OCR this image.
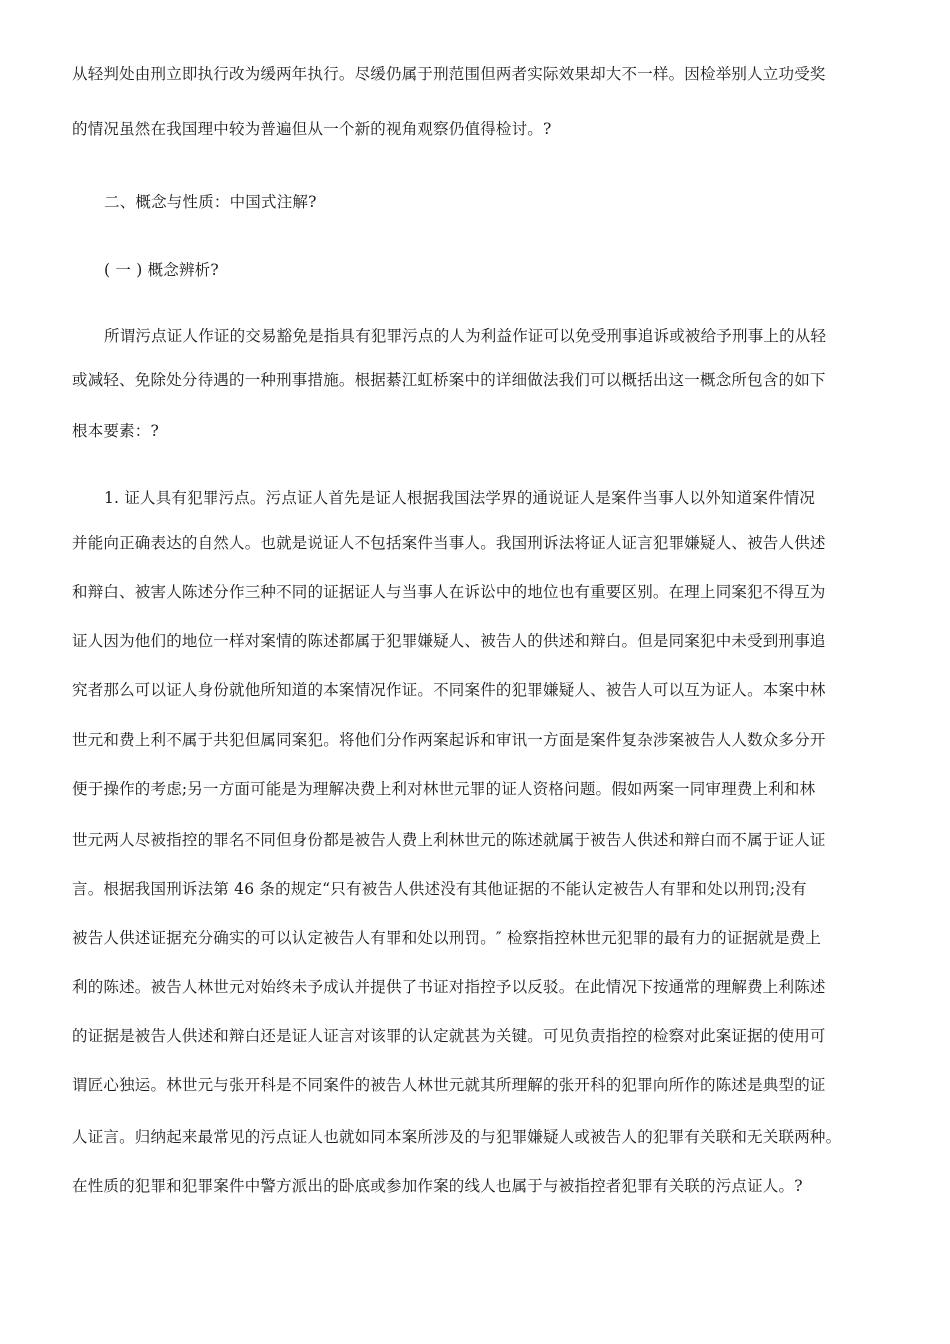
从轻判处由刑立即执行改为缓两年执行。尽缓仍属于刑范围但两者实际效果却大不一样。因检举别人立功受奖
的情况虽然在我国理中较为普遍但从一个新的视角观察仍值得检讨。?
二、概念与性质：中国式注解?
( 一 ) 概念辨析?
所谓污点证人作证的交易豁免是指具有犯罪污点的人为利益作证可以免受刑事追诉或被给予刑事上的从轻
或减轻、免除处分待遇的一种刑事措施。根据綦江虹桥案中的详细做法我们可以概括出这一概念所包含的如下
根本要素：?
1. 证人具有犯罪污点。污点证人首先是证人根据我国法学界的通说证人是案件当事人以外知道案件情况
并能向正确表达的自然人。也就是说证人不包括案件当事人。我国刑诉法将证人证言犯罪嫌疑人、被告人供述
和辩白、被害人陈述分作三种不同的证据证人与当事人在诉讼中的地位也有重要区别。在理上同案犯不得互为
证人因为他们的地位一样对案情的陈述都属于犯罪嫌疑人、被告人的供述和辩白。但是同案犯中未受到刑事追
究者那么可以证人身份就他所知道的本案情况作证。不同案件的犯罪嫌疑人、被告人可以互为证人。本案中林
世元和费上利不属于共犯但属同案犯。将他们分作两案起诉和审讯一方面是案件复杂涉案被告人人数众多分开
便于操作的考虑;另一方面可能是为理解决费上利对林世元罪的证人资格问题。假如两案一同审理费上利和林
世元两人尽被指控的罪名不同但身份都是被告人费上利林世元的陈述就属于被告人供述和辩白而不属于证人证
言。根据我国刑诉法第 46 条的规定“只有被告人供述没有其他证据的不能认定被告人有罪和处以刑罚;没有
被告人供述证据充分确实的可以认定被告人有罪和处以刑罚。″ 检察指控林世元犯罪的最有力的证据就是费上
利的陈述。被告人林世元对始终未予成认并提供了书证对指控予以反驳。在此情况下按通常的理解费上利陈述
的证据是被告人供述和辩白还是证人证言对该罪的认定就甚为关键。可见负责指控的检察对此案证据的使用可
谓匠心独运。林世元与张开科是不同案件的被告人林世元就其所理解的张开科的犯罪向所作的陈述是典型的证
人证言。归纳起来最常见的污点证人也就如同本案所涉及的与犯罪嫌疑人或被告人的犯罪有关联和无关联两种。
在性质的犯罪和犯罪案件中警方派出的卧底或参加作案的线人也属于与被指控者犯罪有关联的污点证人。?
